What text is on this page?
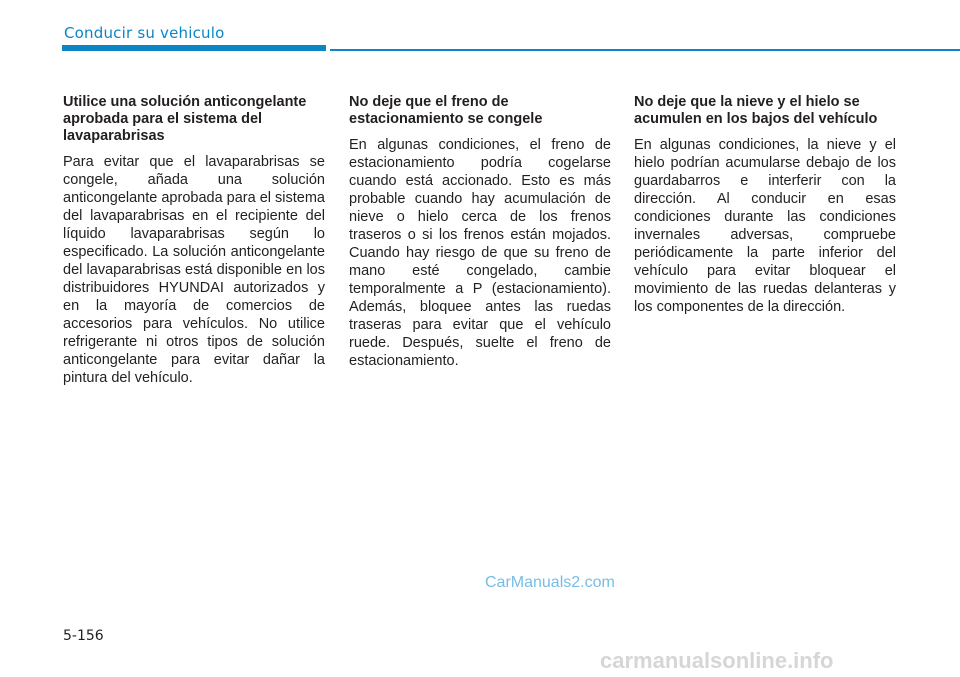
Conducir su vehiculo
Utilice una solución anticongelante aprobada para el sistema del lavaparabrisas

Para evitar que el lavaparabrisas se congele, añada una solución anticongelante aprobada para el sistema del lavaparabrisas en el recipiente del líquido lavaparabrisas según lo especificado. La solución anticongelante del lavaparabrisas está disponible en los distribuidores HYUNDAI autorizados y en la mayoría de comercios de accesorios para vehículos. No utilice refrigerante ni otros tipos de solución anticongelante para evitar dañar la pintura del vehículo.

No deje que el freno de estacionamiento se congele

En algunas condiciones, el freno de estacionamiento podría cogelarse cuando está accionado. Esto es más probable cuando hay acumulación de nieve o hielo cerca de los frenos traseros o si los frenos están mojados. Cuando hay riesgo de que su freno de mano esté congelado, cambie temporalmente a P (estacionamiento). Además, bloquee antes las ruedas traseras para evitar que el vehículo ruede. Después, suelte el freno de estacionamiento.

No deje que la nieve y el hielo se acumulen en los bajos del vehículo

En algunas condiciones, la nieve y el hielo podrían acumularse debajo de los guardabarros e interferir con la dirección. Al conducir en esas condiciones durante las condiciones invernales adversas, compruebe periódicamente la parte inferior del vehículo para evitar bloquear el movimiento de las ruedas delanteras y los componentes de la dirección.

CarManuals2.com
5-156
carmanualsonline.info
